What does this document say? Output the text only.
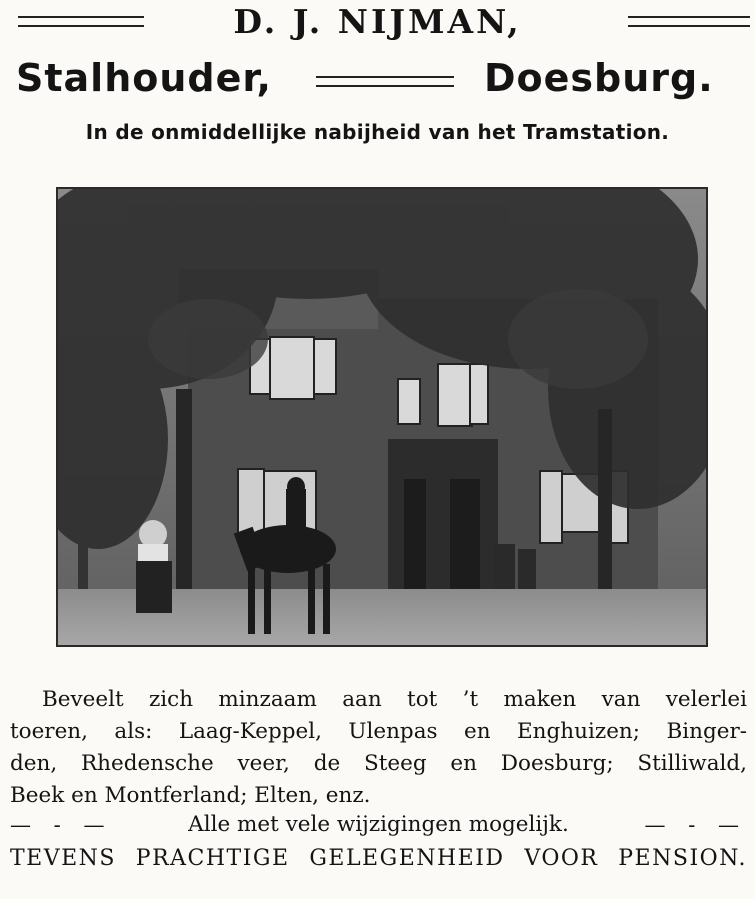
D. J. NIJMAN,
Stalhouder,	Doesburg.
In de onmiddellijke nabijheid van het Tramstation.
Beveelt zich minzaam aan tot ’t maken van velerlei
toeren, als: Laag-Keppel, Ulenpas en Enghuizen; Binger-
den, Rhedensche veer, de Steeg en Doesburg; Stilliwald,
Beek en Montferland; Elten, enz.
— - —	Alle met vele wijzigingen mogelijk.	— - —
TEVENS PRACHTIGE GELEGENHEID VOOR PENSION.
